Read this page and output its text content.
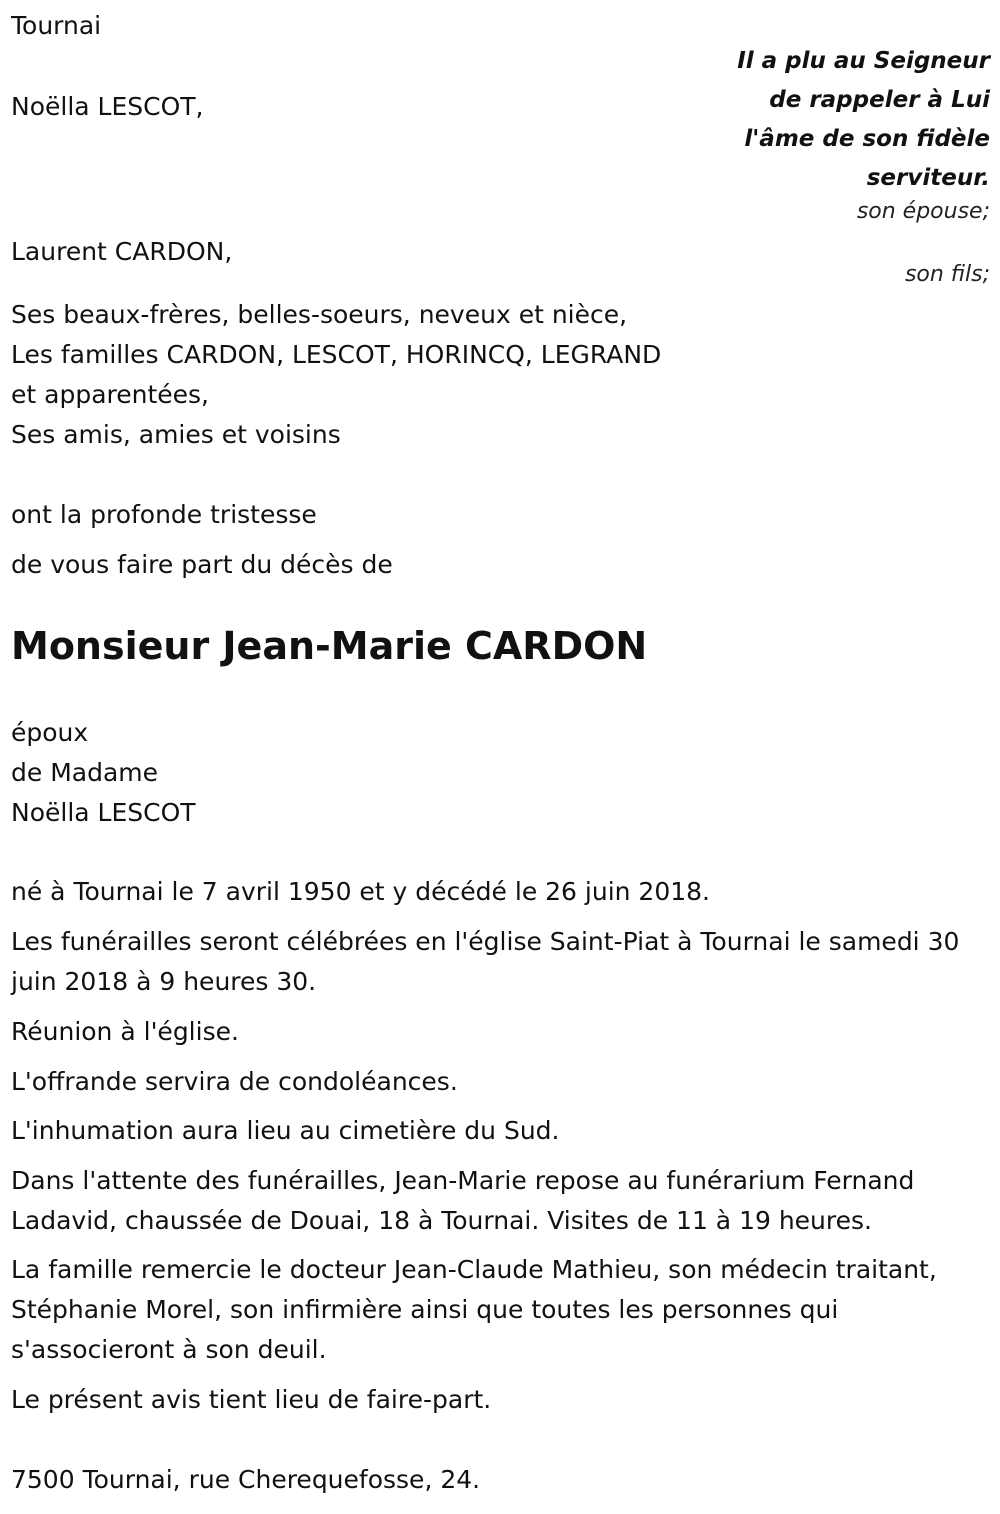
Tournai

Il a plu au Seigneur
de rappeler à Lui
l'âme de son fidèle
serviteur.

Noëlla LESCOT,

son épouse;

Laurent CARDON,

son fils;
Ses beaux-frères, belles-soeurs, neveux et nièce,
Les familles CARDON, LESCOT, HORINCQ, LEGRAND
et apparentées,
Ses amis, amies et voisins

ont la profonde tristesse

de vous faire part du décès de

Monsieur Jean-Marie CARDON
époux
de Madame
Noëlla LESCOT

né à Tournai le 7 avril 1950 et y décédé le 26 juin 2018.

Les funérailles seront célébrées en l'église Saint-Piat à Tournai le samedi 30 juin 2018 à 9 heures 30.

Réunion à l'église.

L'offrande servira de condoléances.

L'inhumation aura lieu au cimetière du Sud.

Dans l'attente des funérailles, Jean-Marie repose au funérarium Fernand Ladavid, chaussée de Douai, 18 à Tournai. Visites de 11 à 19 heures.

La famille remercie le docteur Jean-Claude Mathieu, son médecin traitant, Stéphanie Morel, son infirmière ainsi que toutes les personnes qui s'associeront à son deuil.

Le présent avis tient lieu de faire-part.

7500 Tournai, rue Cherequefosse, 24.
